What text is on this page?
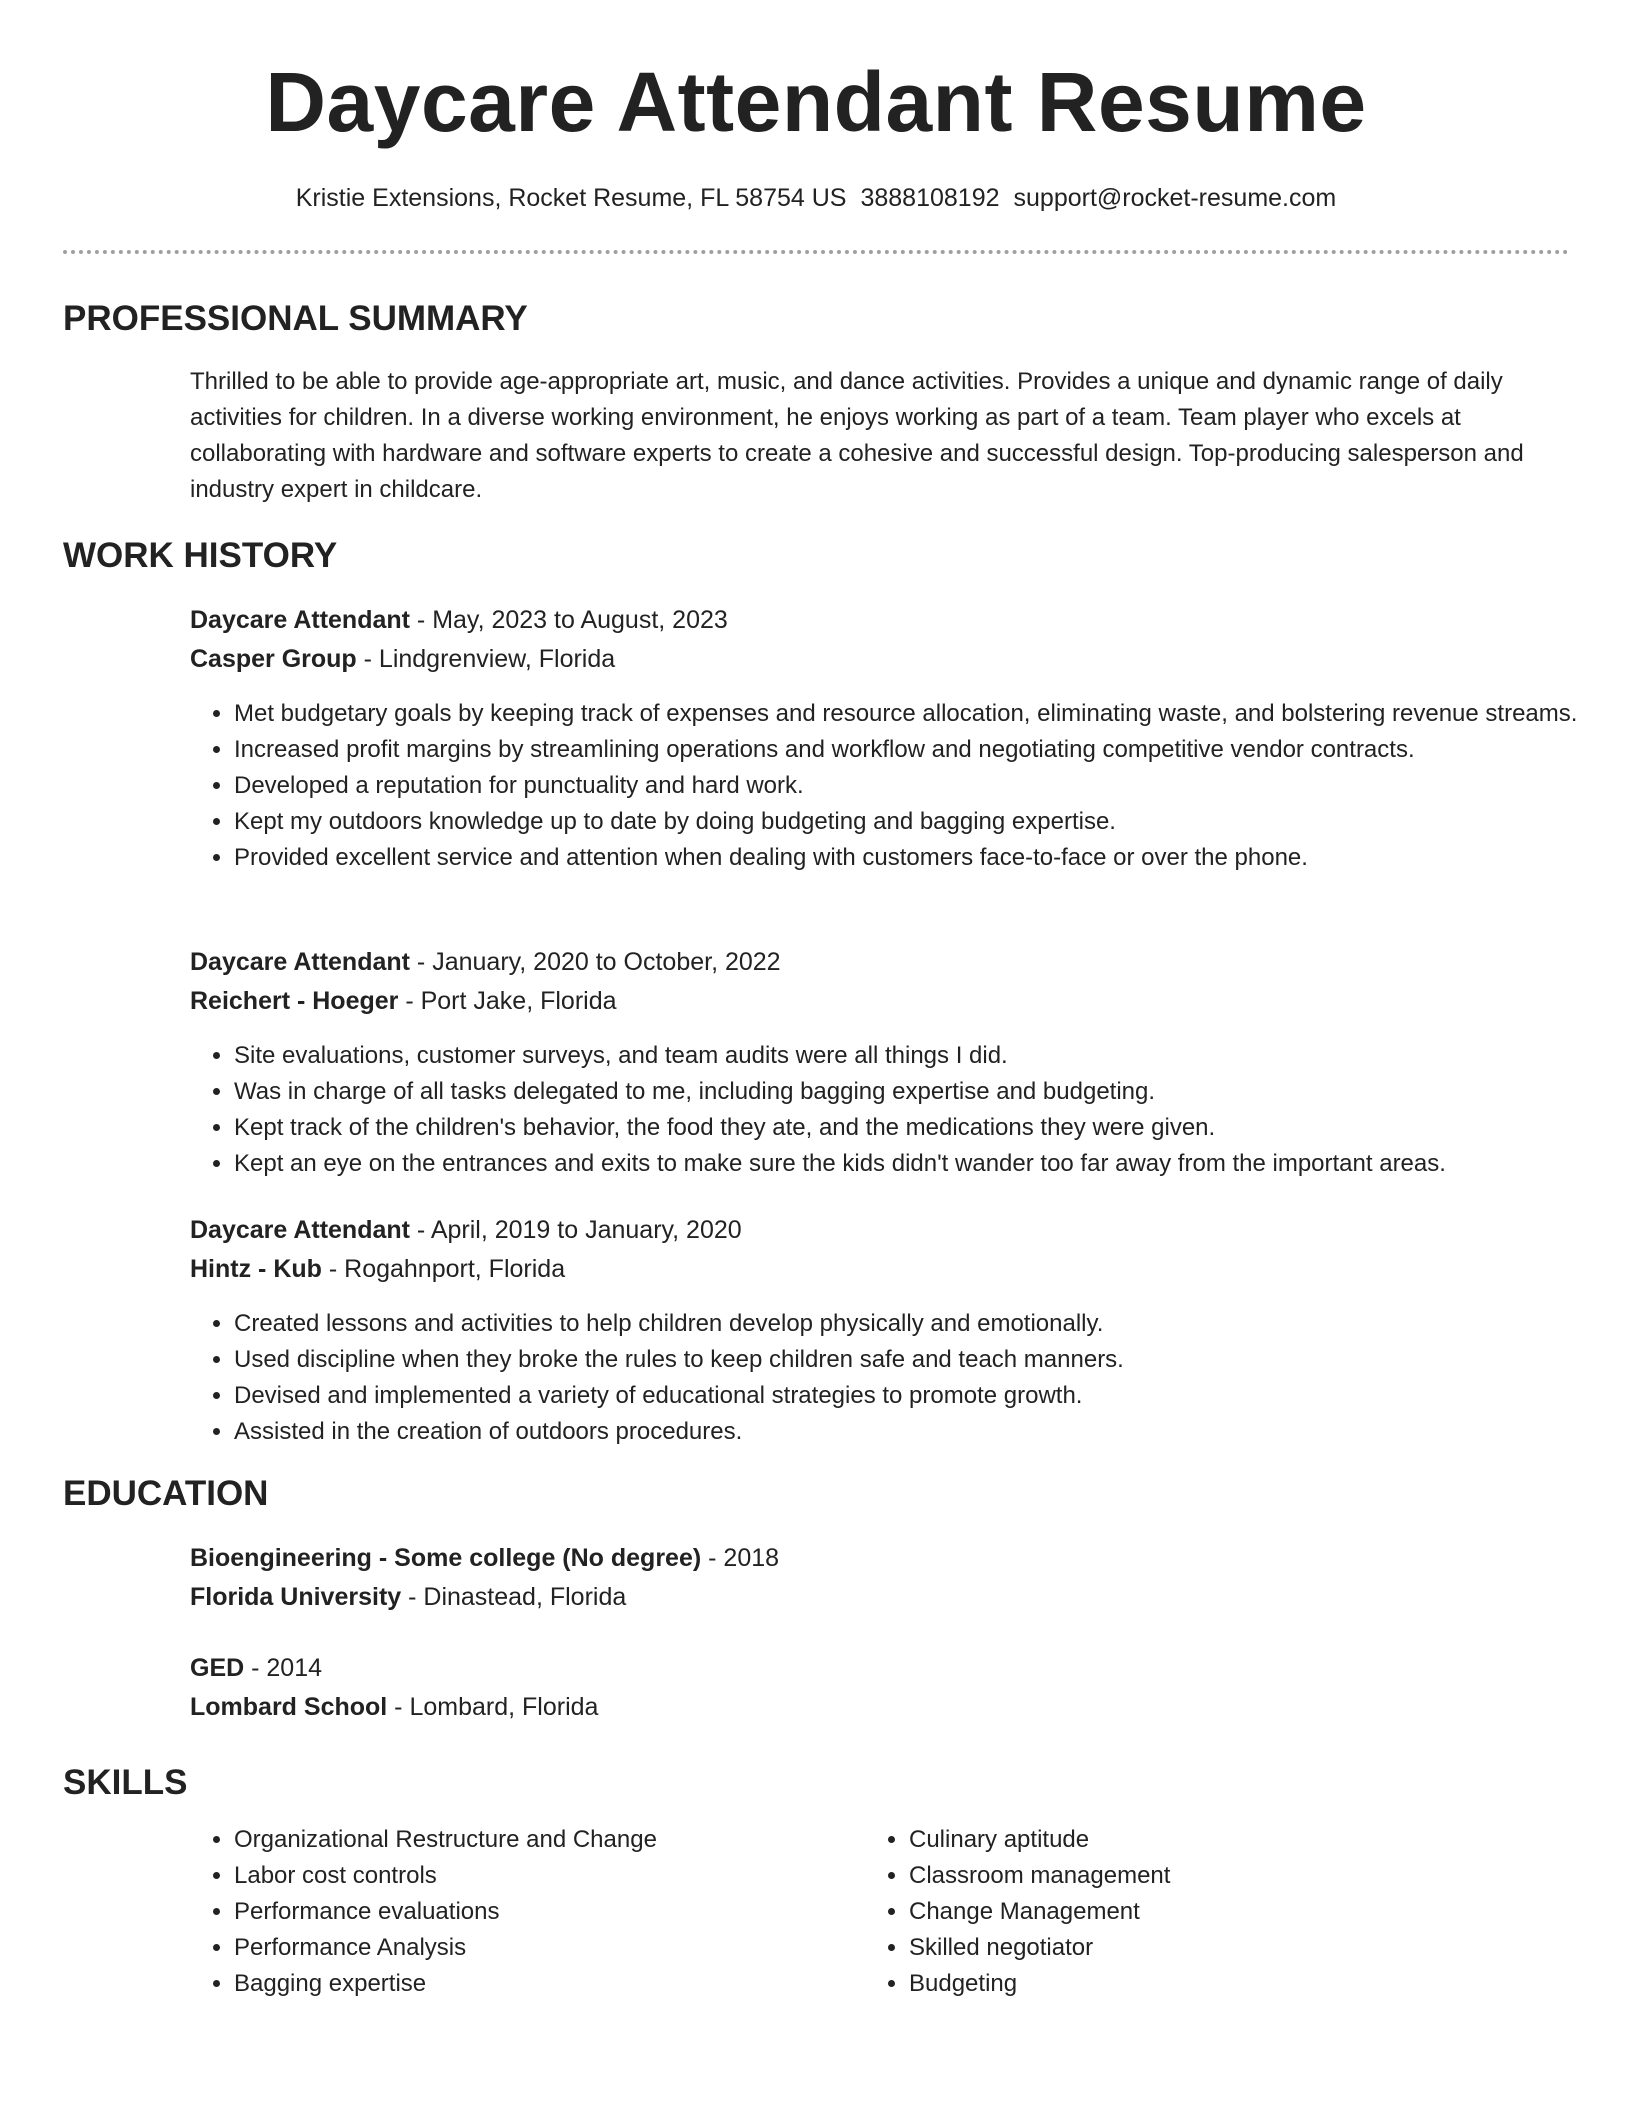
Daycare Attendant Resume
Kristie Extensions, Rocket Resume, FL 58754 US 3888108192 support@rocket-resume.com
PROFESSIONAL SUMMARY

Thrilled to be able to provide age-appropriate art, music, and dance activities. Provides a unique and dynamic range of daily activities for children. In a diverse working environment, he enjoys working as part of a team. Team player who excels at collaborating with hardware and software experts to create a cohesive and successful design. Top-producing salesperson and industry expert in childcare.

WORK HISTORY
Daycare Attendant - May, 2023 to August, 2023
Casper Group - Lindgrenview, Florida
• Met budgetary goals by keeping track of expenses and resource allocation, eliminating waste, and bolstering revenue streams.
• Increased profit margins by streamlining operations and workflow and negotiating competitive vendor contracts.
• Developed a reputation for punctuality and hard work.
• Kept my outdoors knowledge up to date by doing budgeting and bagging expertise.
• Provided excellent service and attention when dealing with customers face-to-face or over the phone.
Daycare Attendant - January, 2020 to October, 2022
Reichert - Hoeger - Port Jake, Florida
• Site evaluations, customer surveys, and team audits were all things I did.
• Was in charge of all tasks delegated to me, including bagging expertise and budgeting.
• Kept track of the children's behavior, the food they ate, and the medications they were given.
• Kept an eye on the entrances and exits to make sure the kids didn't wander too far away from the important areas.
Daycare Attendant - April, 2019 to January, 2020
Hintz - Kub - Rogahnport, Florida
• Created lessons and activities to help children develop physically and emotionally.
• Used discipline when they broke the rules to keep children safe and teach manners.
• Devised and implemented a variety of educational strategies to promote growth.
• Assisted in the creation of outdoors procedures.
EDUCATION
Bioengineering - Some college (No degree) - 2018
Florida University - Dinastead, Florida
GED - 2014
Lombard School - Lombard, Florida
SKILLS
• Organizational Restructure and Change
• Labor cost controls
• Performance evaluations
• Performance Analysis
• Bagging expertise
• Culinary aptitude
• Classroom management
• Change Management
• Skilled negotiator
• Budgeting
